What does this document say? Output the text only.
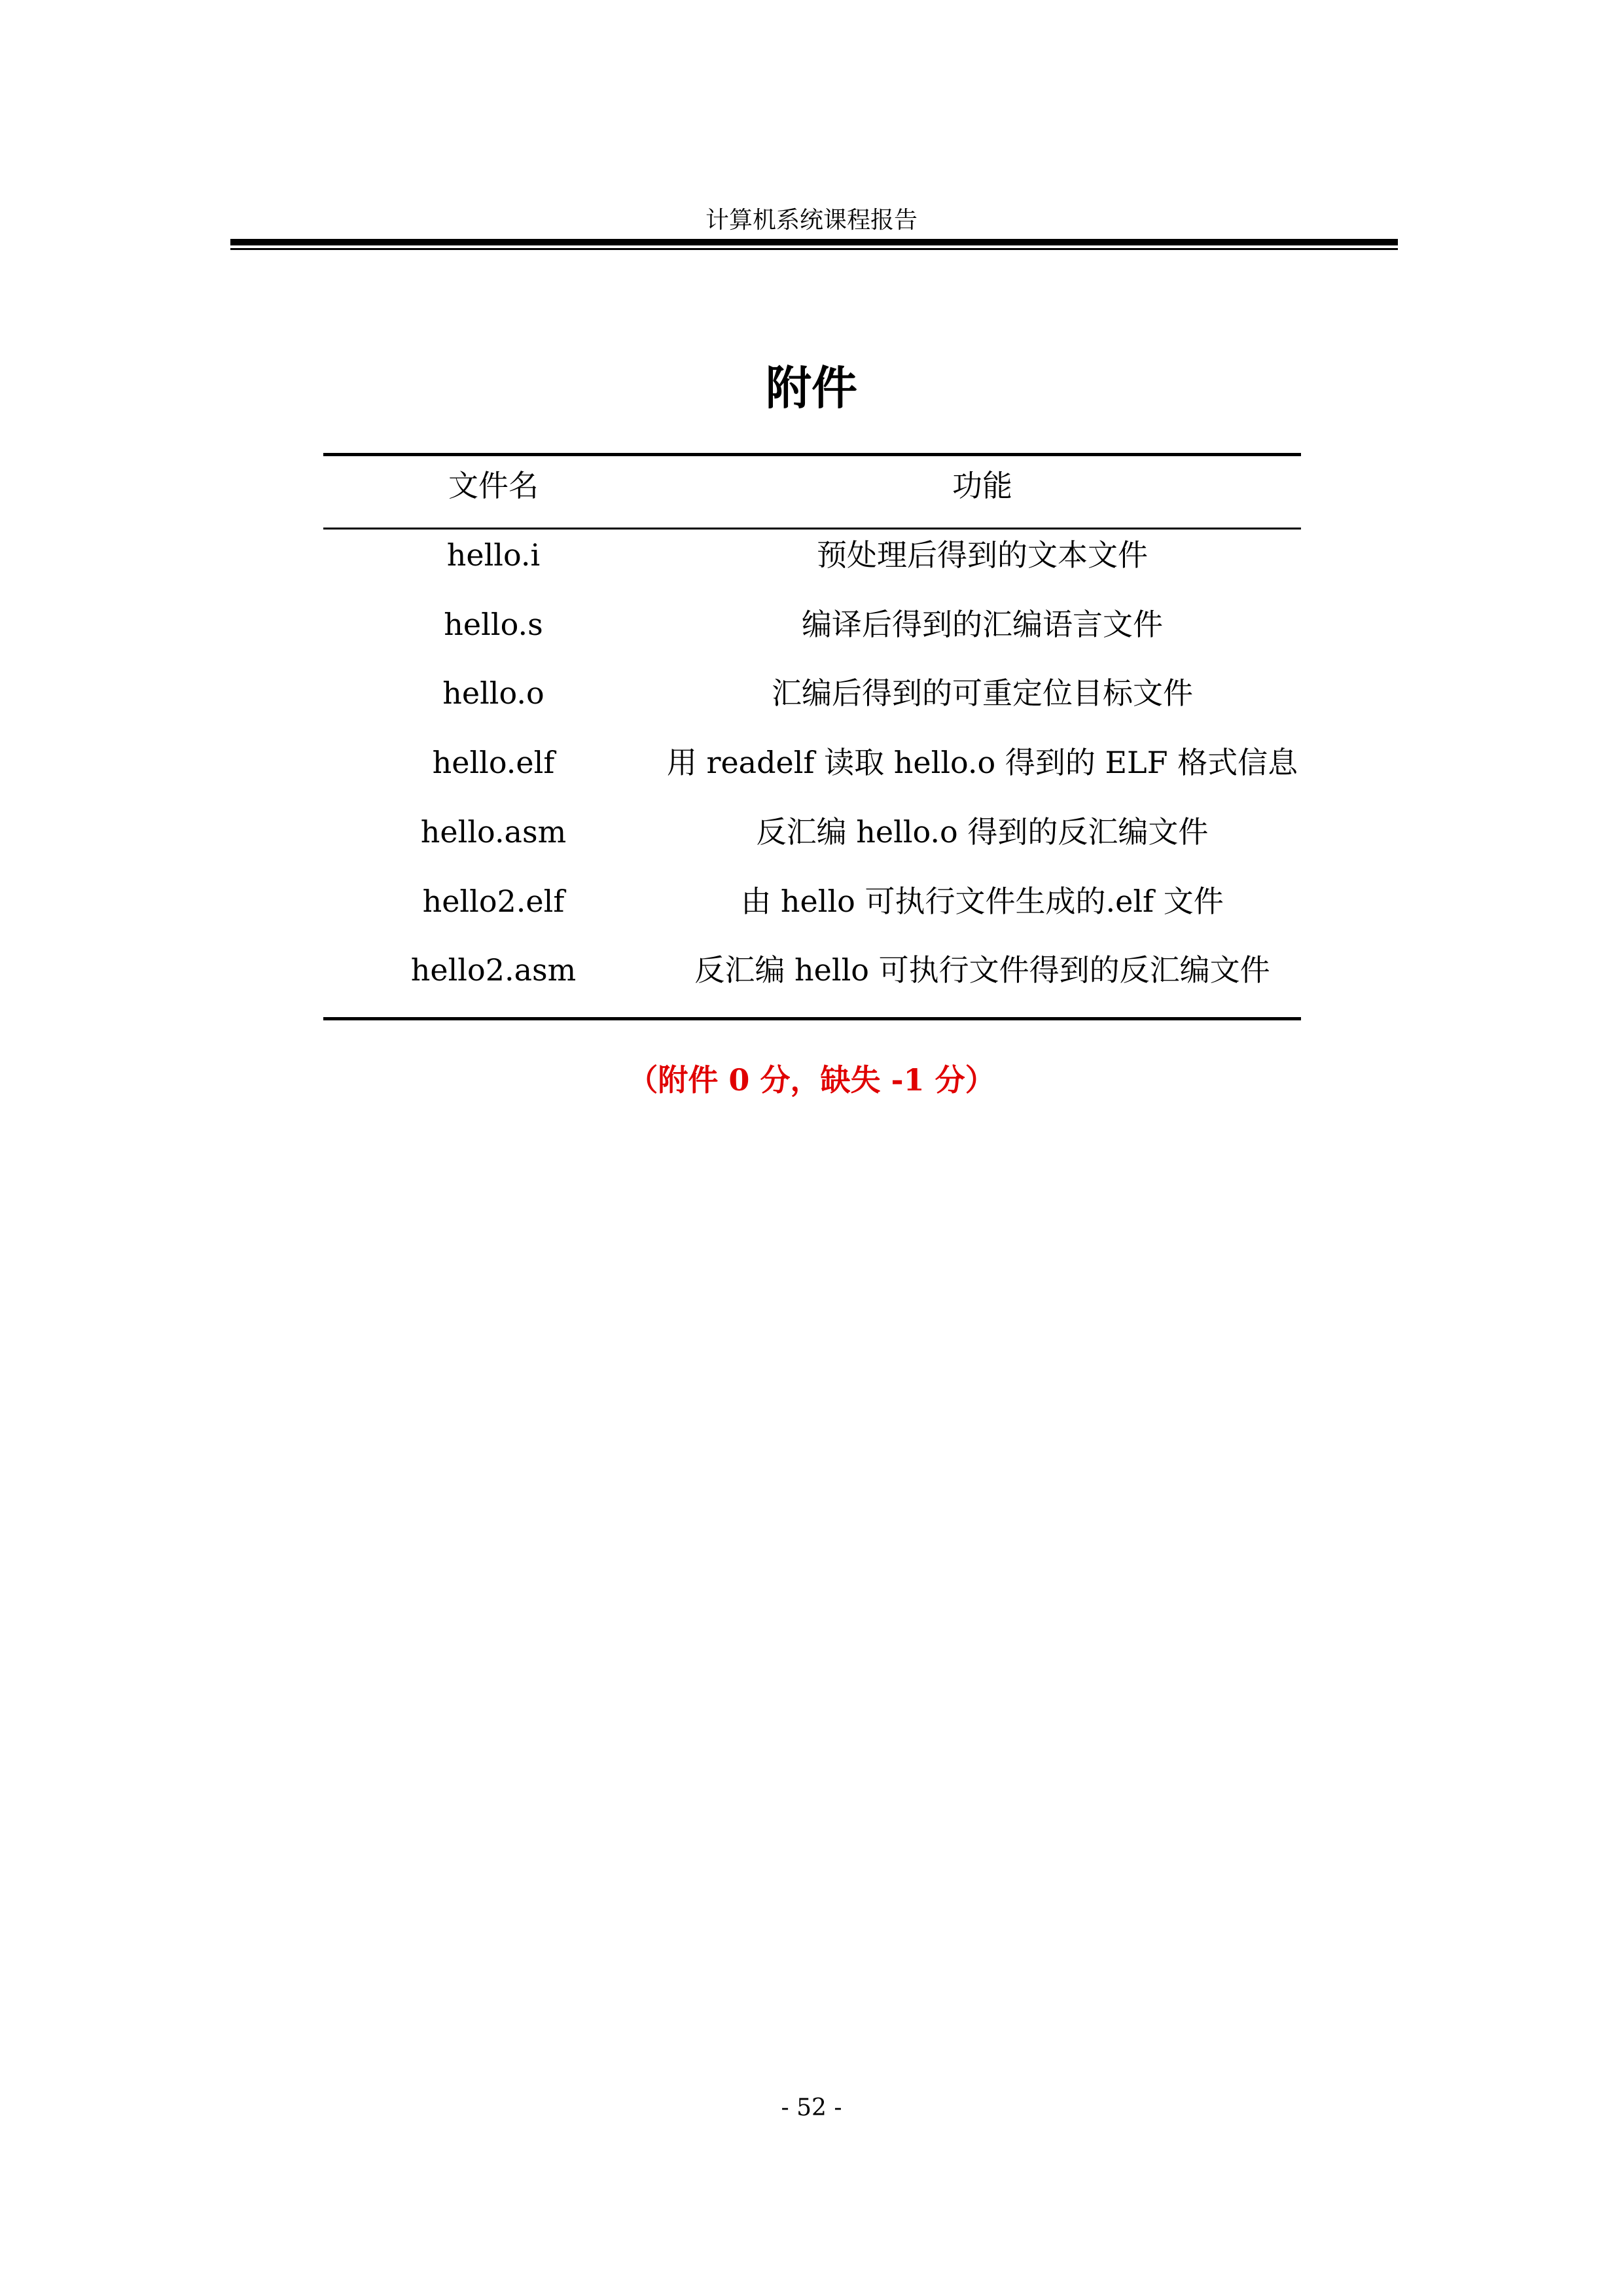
计算机系统课程报告
附件
文件名	功能
hello.i	预处理后得到的文本文件
hello.s	编译后得到的汇编语言文件
hello.o	汇编后得到的可重定位目标文件
hello.elf	用 readelf 读取 hello.o 得到的 ELF 格式信息
hello.asm	反汇编 hello.o 得到的反汇编文件
hello2.elf	由 hello 可执行文件生成的.elf 文件
hello2.asm	反汇编 hello 可执行文件得到的反汇编文件
（附件 0 分，缺失 -1 分）
- 52 -
